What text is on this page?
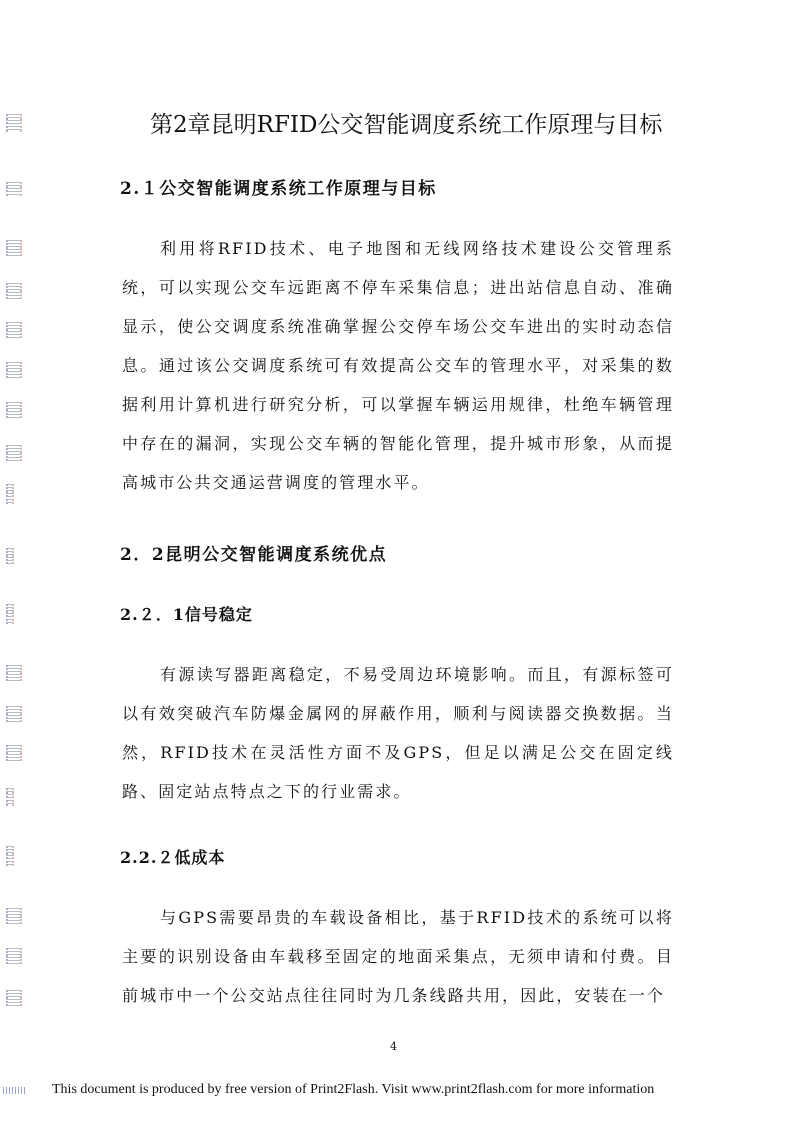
第2章昆明RFID公交智能调度系统工作原理与目标
2.１公交智能调度系统工作原理与目标
利用将RFID技术、电子地图和无线网络技术建设公交管理系统，可以实现公交车远距离不停车采集信息；进出站信息自动、准确显示，使公交调度系统准确掌握公交停车场公交车进出的实时动态信息。通过该公交调度系统可有效提高公交车的管理水平，对采集的数据利用计算机进行研究分析，可以掌握车辆运用规律，杜绝车辆管理中存在的漏洞，实现公交车辆的智能化管理，提升城市形象，从而提高城市公共交通运营调度的管理水平。
2．2昆明公交智能调度系统优点
2.２．1信号稳定
有源读写器距离稳定，不易受周边环境影响。而且，有源标签可以有效突破汽车防爆金属网的屏蔽作用，顺利与阅读器交换数据。当然，RFID技术在灵活性方面不及GPS，但足以满足公交在固定线路、固定站点特点之下的行业需求。
2.2.２低成本
与GPS需要昂贵的车载设备相比，基于RFID技术的系统可以将主要的识别设备由车载移至固定的地面采集点，无须申请和付费。目前城市中一个公交站点往往同时为几条线路共用，因此，安装在一个
4
This document is produced by free version of Print2Flash. Visit www.print2flash.com for more information
